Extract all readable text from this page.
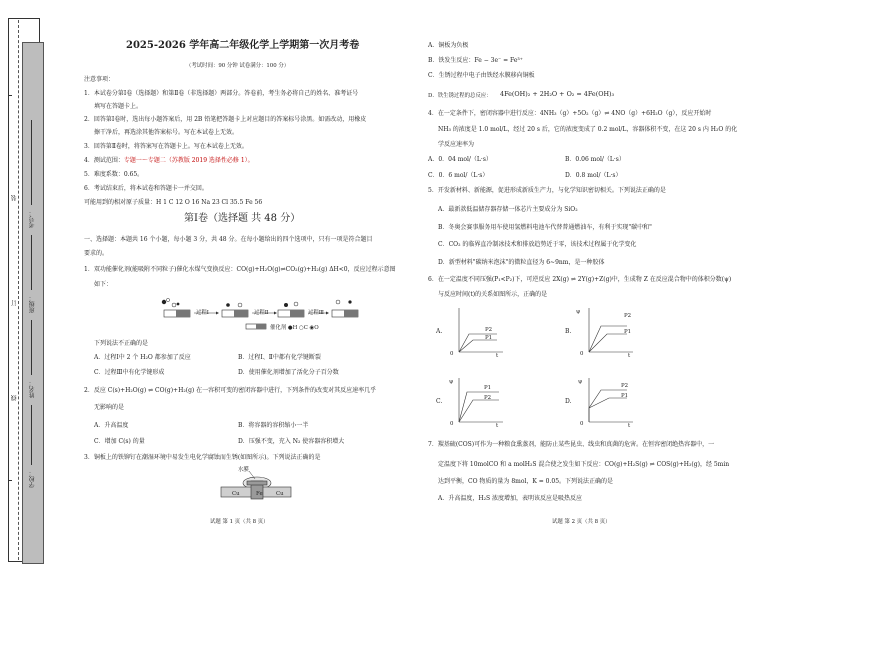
装
订
线
考号：
班级：
姓名：
学校：
2025-2026 学年高二年级化学上学期第一次月考卷
（考试时间：90 分钟 试卷满分：100 分）
注意事项：
1．本试卷分第Ⅰ卷（选择题）和第Ⅱ卷（非选择题）两部分。答卷前，考生务必将自己的姓名、准考证号
填写在答题卡上。
2．回答第Ⅰ卷时，选出每小题答案后，用 2B 铅笔把答题卡上对应题目的答案标号涂黑。如需改动，用橡皮
擦干净后，再选涂其他答案标号。写在本试卷上无效。
3．回答第Ⅱ卷时，将答案写在答题卡上。写在本试卷上无效。
4．测试范围：专题一～专题二（苏教版 2019 选择性必修 1）。
5．难度系数：0.65。
6．考试结束后，将本试卷和答题卡一并交回。
可能用到的相对原子质量：H 1 C 12 O 16 Na 23 Cl 35.5 Fe 56
第Ⅰ卷（选择题 共 48 分）
一、选择题：本题共 16 个小题，每小题 3 分，共 48 分。在每小题给出的四个选项中，只有一项是符合题目
要求的。
1．双功能催化剂(能吸附不同粒子)催化水煤气变换反应：CO(g)+H₂O(g)⇌CO₂(g)+H₂(g) ΔH<0，反应过程示意图
如下：
过程Ⅰ	过程Ⅱ	过程Ⅲ
催化剂 ●H ○C ◉O
下列说法不正确的是
A．过程Ⅰ中 2 个 H₂O 都参加了反应	B．过程Ⅰ、Ⅱ中都有化学键断裂
C．过程Ⅲ中有化学键形成	D．使用催化剂增加了活化分子百分数
2．反应 C(s)+H₂O(g) ⇌ CO(g)+H₂(g) 在一容积可变的密闭容器中进行，下列条件的改变对其反应速率几乎
无影响的是
A．升高温度	B．将容器的容积缩小一半
C．增加 C(s) 的量	D．压强不变，充入 N₂ 使容器容积增大
3．铜板上的铁铆钉在潮湿环境中易发生电化学腐蚀而生锈(如图所示)。下列说法正确的是
水膜
Cu	Fe Cu
试题 第 1 页（共 8 页）
A．铜板为负极
B．铁发生反应：Fe − 3e⁻ = Fe³⁺
C．生锈过程中电子由铁经水膜移向铜板
D．铁生锈过程的总反应： 4Fe(OH)₂ + 2H₂O + O₂ = 4Fe(OH)₃
4．在一定条件下，密闭容器中进行反应：4NH₃（g）+5O₂（g）⇌ 4NO（g）+6H₂O（g），反应开始时
NH₃ 的浓度是 1.0 mol/L，经过 20 s 后，它的浓度变成了 0.2 mol/L，容器体积不变，在这 20 s 内 H₂O 的化
学反应速率为
A．0．04 mol/（L·s）	B．0.06 mol/（L·s）
C．0．6 mol/（L·s）	D．0.8 mol/（L·s）
5．开发新材料、新能源，促进形成新质生产力，与化学知识密切相关。下列说法正确的是
A．最新款低温储存器存储一体芯片主要成分为 SiO₂
B．冬奥会赛事服务用车使用氢燃料电池车代替普通燃油车，有利于实现"碳中和"
C．CO₂ 的临界直冷制冰技术和排放趋势近于零，该技术过程属于化学变化
D．新型材料"碳纳米泡沫"的微粒直径为 6~9nm，是一种胶体
6．在一定温度不同压强(P₁<P₂)下，可逆反应 2X(g) ⇌ 2Y(g)+Z(g)中，生成物 Z 在反应混合物中的体积分数(ψ)
与反应时间(t)的关系如图所示，正确的是
A.	P2
P1
0	t
B.
ψ
P2
P1
0	t
C.
ψ
P1
P2
0	t
D.
ψ
P2
P1
0	t
7．羰基硫(COS)可作为一种粮食熏蒸剂，能防止某些昆虫、线虫和真菌的危害。在恒容密闭绝热容器中，一
定温度下将 10molCO 和 a molH₂S 混合使之发生如下反应：CO(g)+H₂S(g) ⇌ COS(g)+H₂(g)，经 5min
达到平衡，CO 物质的量为 8mol，K = 0.05。下列说法正确的是
A．升高温度，H₂S 浓度增加，表明该反应是吸热反应
试题 第 2 页（共 8 页）
